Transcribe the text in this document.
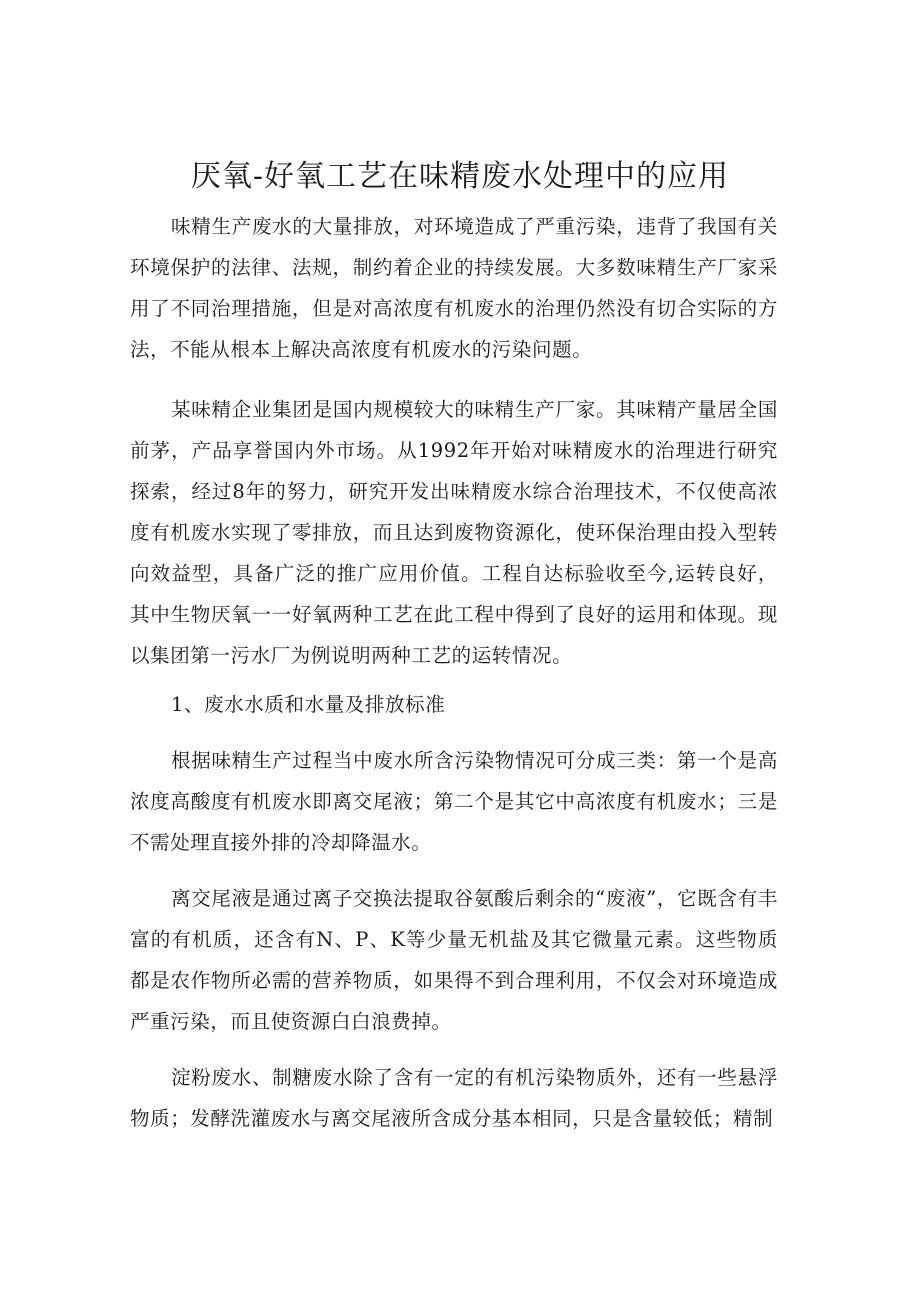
厌氧-好氧工艺在味精废水处理中的应用

味精生产废水的大量排放，对环境造成了严重污染，违背了我国有关环境保护的法律、法规，制约着企业的持续发展。大多数味精生产厂家采用了不同治理措施，但是对高浓度有机废水的治理仍然没有切合实际的方法，不能从根本上解决高浓度有机废水的污染问题。

某味精企业集团是国内规模较大的味精生产厂家。其味精产量居全国前茅，产品享誉国内外市场。从1992年开始对味精废水的治理进行研究探索，经过8年的努力，研究开发出味精废水综合治理技术，不仅使高浓度有机废水实现了零排放，而且达到废物资源化，使环保治理由投入型转向效益型，具备广泛的推广应用价值。工程自达标验收至今,运转良好，其中生物厌氧一一好氧两种工艺在此工程中得到了良好的运用和体现。现以集团第一污水厂为例说明两种工艺的运转情况。

1、废水水质和水量及排放标准

根据味精生产过程当中废水所含污染物情况可分成三类：第一个是高浓度高酸度有机废水即离交尾液；第二个是其它中高浓度有机废水；三是不需处理直接外排的冷却降温水。

离交尾液是通过离子交换法提取谷氨酸后剩余的“废液”，它既含有丰富的有机质，还含有N、P、K等少量无机盐及其它微量元素。这些物质都是农作物所必需的营养物质，如果得不到合理利用，不仅会对环境造成严重污染，而且使资源白白浪费掉。

淀粉废水、制糖废水除了含有一定的有机污染物质外，还有一些悬浮物质；发酵洗灌废水与离交尾液所含成分基本相同，只是含量较低；精制
